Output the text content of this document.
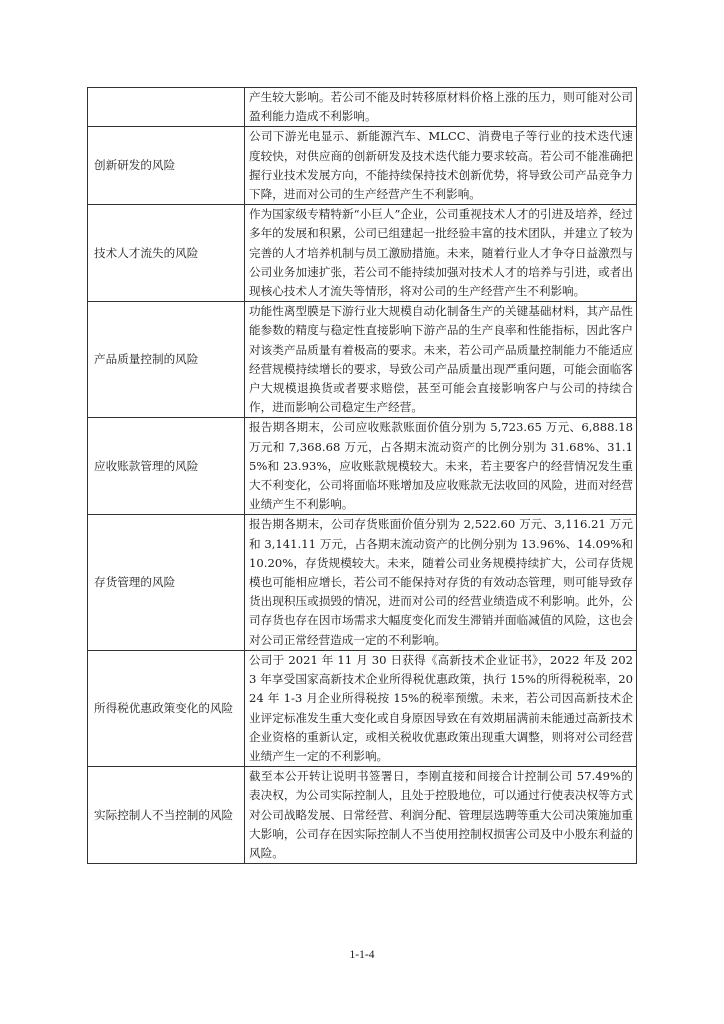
	产生较大影响。若公司不能及时转移原材料价格上涨的压力，则可能对公司盈利能力造成不利影响。
创新研发的风险	公司下游光电显示、新能源汽车、MLCC、消费电子等行业的技术迭代速度较快，对供应商的创新研发及技术迭代能力要求较高。若公司不能准确把握行业技术发展方向，不能持续保持技术创新优势，将导致公司产品竞争力下降，进而对公司的生产经营产生不利影响。
技术人才流失的风险	作为国家级专精特新“小巨人”企业，公司重视技术人才的引进及培养，经过多年的发展和积累，公司已组建起一批经验丰富的技术团队，并建立了较为完善的人才培养机制与员工激励措施。未来，随着行业人才争夺日益激烈与公司业务加速扩张，若公司不能持续加强对技术人才的培养与引进，或者出现核心技术人才流失等情形，将对公司的生产经营产生不利影响。
产品质量控制的风险	功能性离型膜是下游行业大规模自动化制备生产的关键基础材料，其产品性能参数的精度与稳定性直接影响下游产品的生产良率和性能指标，因此客户对该类产品质量有着极高的要求。未来，若公司产品质量控制能力不能适应经营规模持续增长的要求，导致公司产品质量出现严重问题，可能会面临客户大规模退换货或者要求赔偿，甚至可能会直接影响客户与公司的持续合作，进而影响公司稳定生产经营。
应收账款管理的风险	报告期各期末，公司应收账款账面价值分别为 5,723.65 万元、6,888.18 万元和 7,368.68 万元，占各期末流动资产的比例分别为 31.68%、31.15%和 23.93%，应收账款规模较大。未来，若主要客户的经营情况发生重大不利变化，公司将面临坏账增加及应收账款无法收回的风险，进而对经营业绩产生不利影响。
存货管理的风险	报告期各期末，公司存货账面价值分别为 2,522.60 万元、3,116.21 万元和 3,141.11 万元，占各期末流动资产的比例分别为 13.96%、14.09%和 10.20%，存货规模较大。未来，随着公司业务规模持续扩大，公司存货规模也可能相应增长，若公司不能保持对存货的有效动态管理，则可能导致存货出现积压或损毁的情况，进而对公司的经营业绩造成不利影响。此外，公司存货也存在因市场需求大幅度变化而发生滞销并面临减值的风险，这也会对公司正常经营造成一定的不利影响。
所得税优惠政策变化的风险	公司于 2021 年 11 月 30 日获得《高新技术企业证书》，2022 年及 2023 年享受国家高新技术企业所得税优惠政策，执行 15%的所得税税率，2024 年 1-3 月企业所得税按 15%的税率预缴。未来，若公司因高新技术企业评定标准发生重大变化或自身原因导致在有效期届满前未能通过高新技术企业资格的重新认定，或相关税收优惠政策出现重大调整，则将对公司经营业绩产生一定的不利影响。
实际控制人不当控制的风险	截至本公开转让说明书签署日，李刚直接和间接合计控制公司 57.49%的表决权，为公司实际控制人，且处于控股地位，可以通过行使表决权等方式对公司战略发展、日常经营、利润分配、管理层选聘等重大公司决策施加重大影响，公司存在因实际控制人不当使用控制权损害公司及中小股东利益的风险。
1-1-4
